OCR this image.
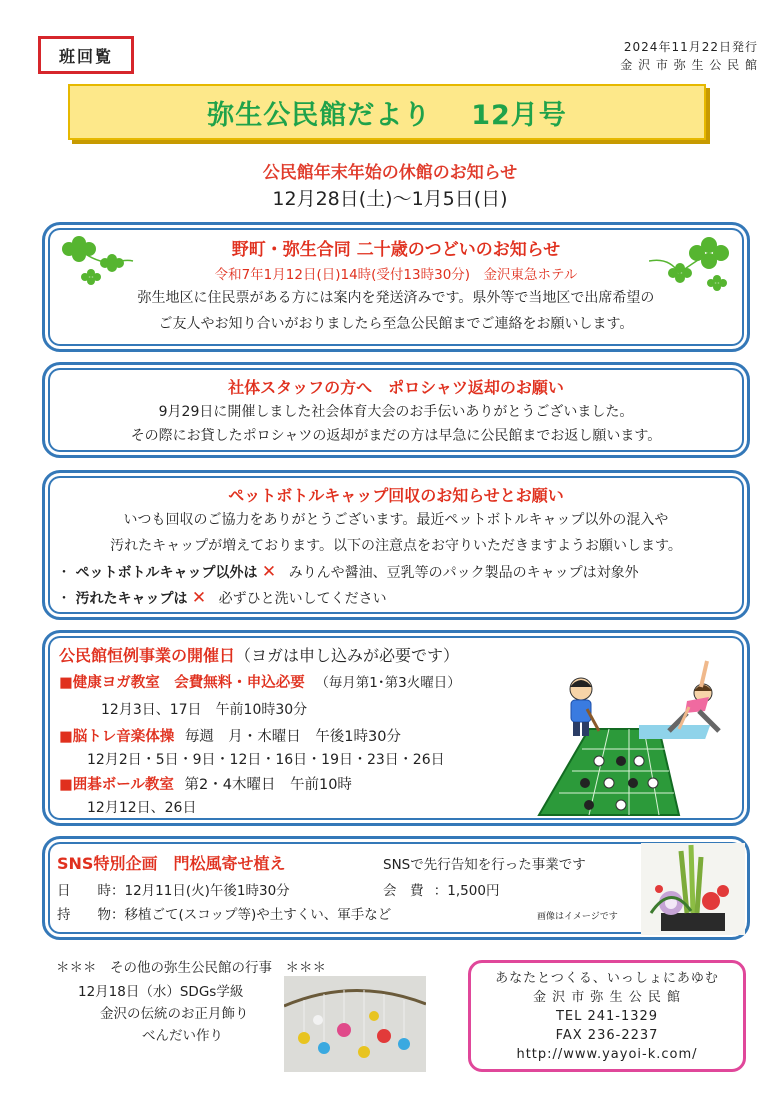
班回覧	2024年11月22日発行
金 沢 市 弥 生 公 民 館
弥生公民館だより 12月号
公民館年末年始の休館のお知らせ
12月28日(土)～1月5日(日)
野町・弥生合同 二十歳のつどいのお知らせ
令和7年1月12日(日)14時(受付13時30分)　金沢東急ホテル
弥生地区に住民票がある方には案内を発送済みです。県外等で当地区で出席希望の
ご友人やお知り合いがおりましたら至急公民館までご連絡をお願いします。
社体スタッフの方へ　ポロシャツ返却のお願い
9月29日に開催しました社会体育大会のお手伝いありがとうございました。
その際にお貸したポロシャツの返却がまだの方は早急に公民館までお返し願います。
ペットボトルキャップ回収のお知らせとお願い
いつも回収のご協力をありがとうございます。最近ペットボトルキャップ以外の混入や
汚れたキャップが増えております。以下の注意点をお守りいただきますようお願いします。
・ ペットボトルキャップ以外は ✕ みりんや醤油、豆乳等のパック製品のキャップは対象外
・ 汚れたキャップは ✕ 必ずひと洗いしてください
公民館恒例事業の開催日（ヨガは申し込みが必要です）
■健康ヨガ教室　会費無料・申込必要 （毎月第1･第3火曜日）
12月3日、17日　午前10時30分
■脳トレ音楽体操 毎週　月・木曜日　午後1時30分
12月2日・5日・9日・12日・16日・19日・23日・26日
■囲碁ボール教室 第2・4木曜日　午前10時
12月12日、26日
SNS特別企画　門松風寄せ植え	SNSで先行告知を行った事業です
日　　時：12月11日(火)午後1時30分	会　費 ：1,500円
持　　物：移植ごて(スコップ等)や土すくい、軍手など	画像はイメージです
＊＊＊　その他の弥生公民館の行事　＊＊＊
12月18日（水）SDGs学級
金沢の伝統のお正月飾り
べんだい作り
あなたとつくる、いっしょにあゆむ
金 沢 市 弥 生 公 民 館
TEL 241-1329
FAX 236-2237
http://www.yayoi-k.com/
